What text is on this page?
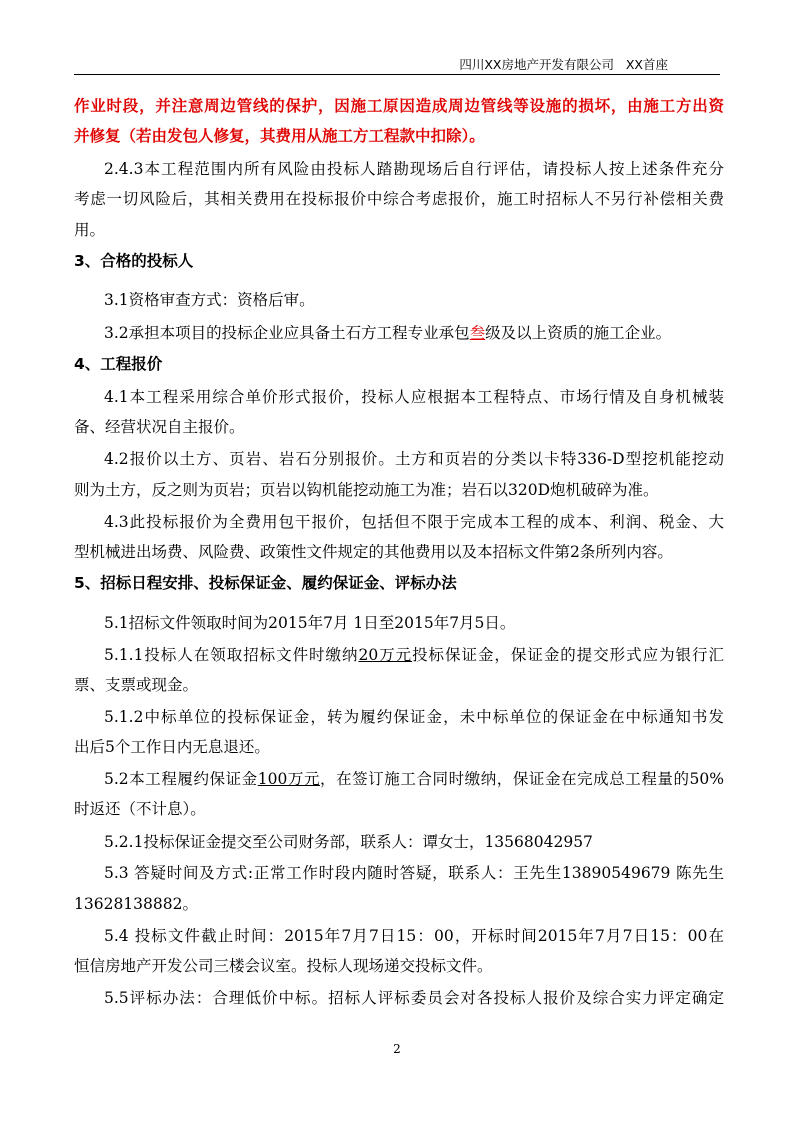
四川XX房地产开发有限公司   XX首座
作业时段，并注意周边管线的保护，因施工原因造成周边管线等设施的损坏，由施工方出资
并修复（若由发包人修复，其费用从施工方工程款中扣除）。
2.4.3本工程范围内所有风险由投标人踏勘现场后自行评估，请投标人按上述条件充分
考虑一切风险后，其相关费用在投标报价中综合考虑报价，施工时招标人不另行补偿相关费
用。
3、合格的投标人
3.1资格审查方式：资格后审。
3.2承担本项目的投标企业应具备土石方工程专业承包叁级及以上资质的施工企业。
4、工程报价
4.1本工程采用综合单价形式报价，投标人应根据本工程特点、市场行情及自身机械装
备、经营状况自主报价。
4.2报价以土方、页岩、岩石分别报价。土方和页岩的分类以卡特336-D型挖机能挖动
则为土方，反之则为页岩；页岩以钩机能挖动施工为准；岩石以320D炮机破碎为准。
4.3此投标报价为全费用包干报价，包括但不限于完成本工程的成本、利润、税金、大
型机械进出场费、风险费、政策性文件规定的其他费用以及本招标文件第2条所列内容。
5、招标日程安排、投标保证金、履约保证金、评标办法
5.1招标文件领取时间为2015年7月 1日至2015年7月5日。
5.1.1投标人在领取招标文件时缴纳20万元投标保证金，保证金的提交形式应为银行汇
票、支票或现金。
5.1.2中标单位的投标保证金，转为履约保证金，未中标单位的保证金在中标通知书发
出后5个工作日内无息退还。
5.2本工程履约保证金100万元，在签订施工合同时缴纳，保证金在完成总工程量的50%
时返还（不计息）。
5.2.1投标保证金提交至公司财务部，联系人：谭女士，13568042957
5.3 答疑时间及方式:正常工作时段内随时答疑，联系人：王先生13890549679 陈先生
13628138882。
5.4 投标文件截止时间：2015年7月7日15：00，开标时间2015年7月7日15：00在
恒信房地产开发公司三楼会议室。投标人现场递交投标文件。
5.5评标办法：合理低价中标。招标人评标委员会对各投标人报价及综合实力评定确定
2
